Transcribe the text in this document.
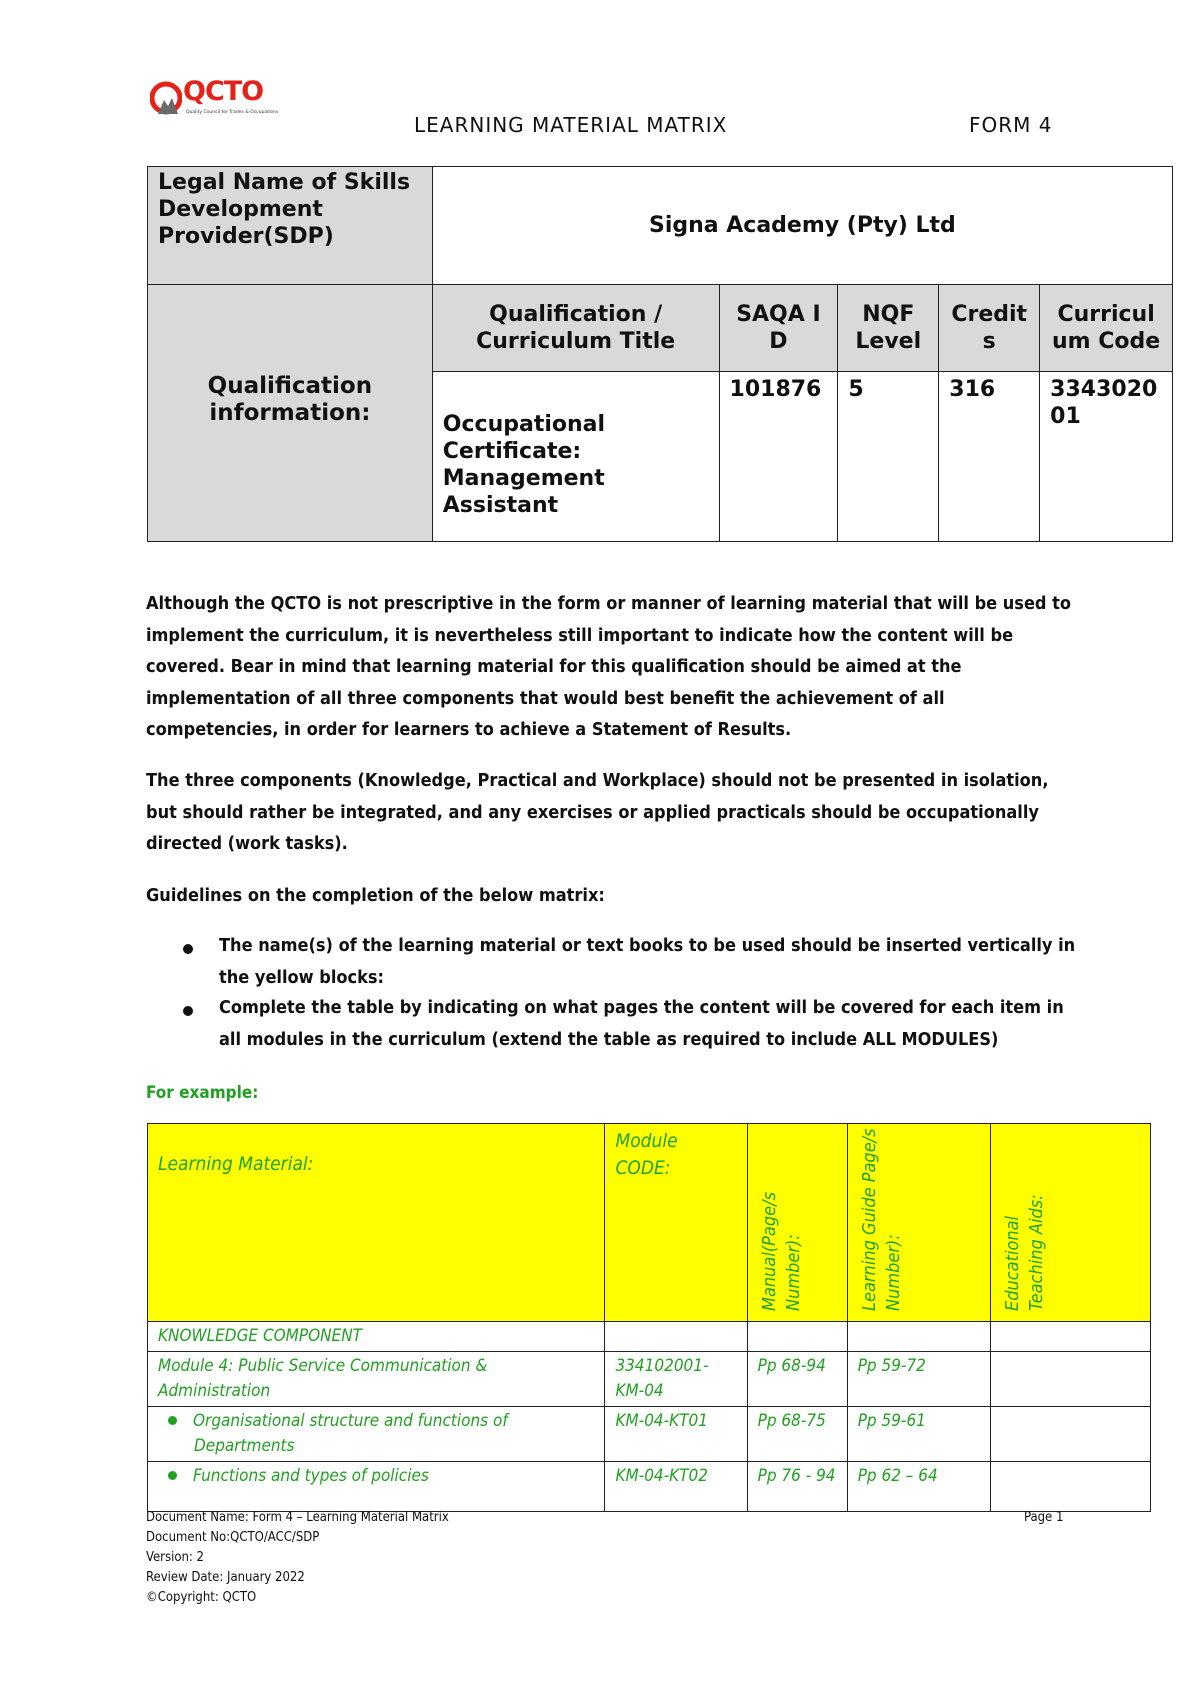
QCTO
Quality Council for Trades & Occupations
LEARNING MATERIAL MATRIX	FORM 4
Legal Name of Skills Development Provider(SDP)	Signa Academy (Pty) Ltd				
Qualification information:	Qualification / Curriculum Title	SAQA ID	NQF Level	Credits	Curriculum Code
	Occupational Certificate: Management Assistant	101876	5	316	334302001
Although the QCTO is not prescriptive in the form or manner of learning material that will be used to implement the curriculum, it is nevertheless still important to indicate how the content will be covered. Bear in mind that learning material for this qualification should be aimed at the implementation of all three components that would best benefit the achievement of all competencies, in order for learners to achieve a Statement of Results.
The three components (Knowledge, Practical and Workplace) should not be presented in isolation, but should rather be integrated, and any exercises or applied practicals should be occupationally directed (work tasks).
Guidelines on the completion of the below matrix:
The name(s) of the learning material or text books to be used should be inserted vertically in the yellow blocks:
Complete the table by indicating on what pages the content will be covered for each item in all modules in the curriculum (extend the table as required to include ALL MODULES)
For example:
Learning Material:	Module CODE:	Manual(Page/s Number):	Learning Guide Page/s Number):	Educational Teaching Aids:

KNOWLEDGE COMPONENT				
Module 4: Public Service Communication & Administration	334102001-KM-04	Pp 68-94	Pp 59-72	

Organisational structure and functions of Departments	KM-04-KT01	Pp 68-75	Pp 59-61	

Functions and types of policies	KM-04-KT02	Pp 76 - 94	Pp 62 – 64	
Document Name: Form 4 – Learning Material Matrix	Page 1
Document No:QCTO/ACC/SDP
Version: 2
Review Date: January 2022
©Copyright: QCTO
